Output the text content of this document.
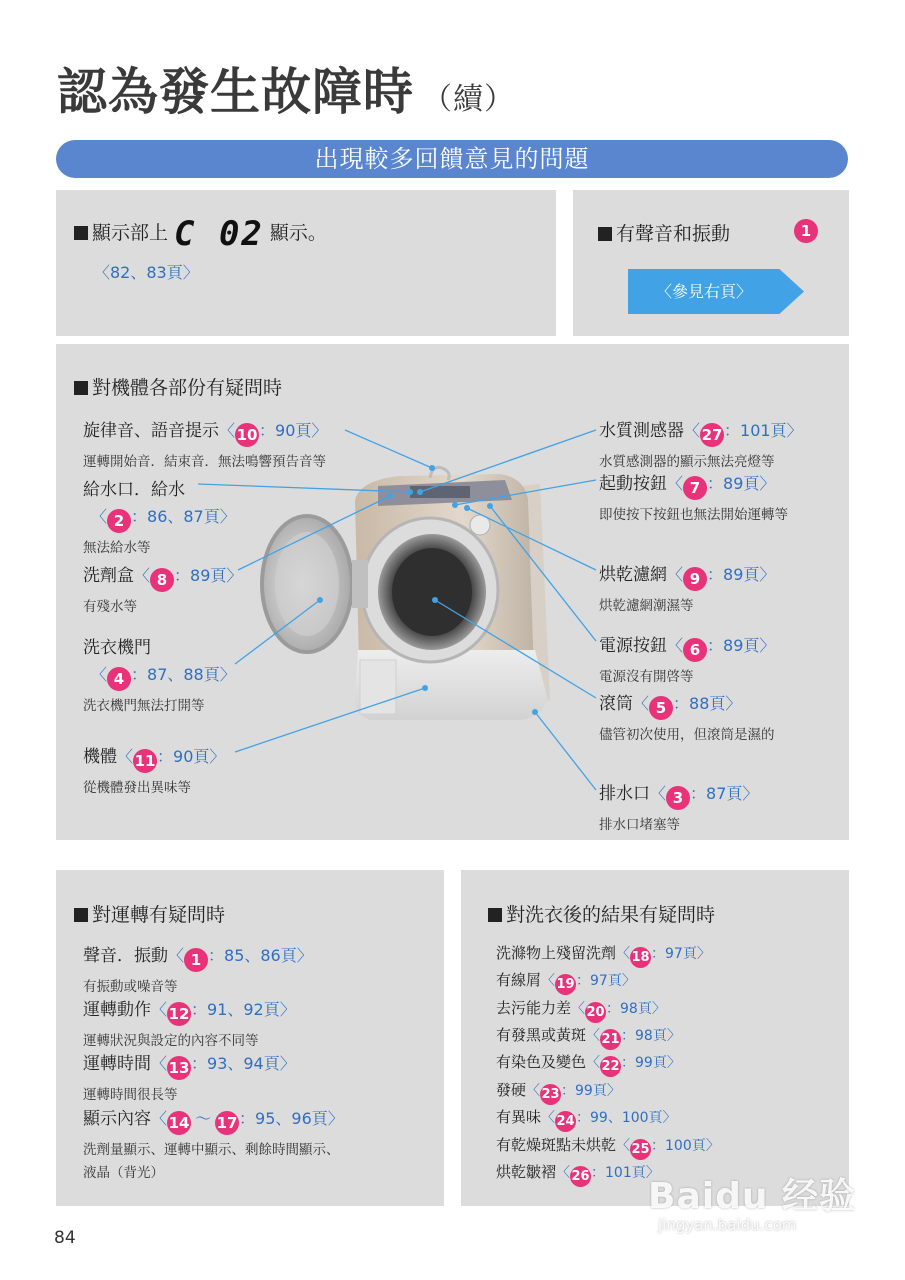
認為發生故障時 （續）
出現較多回饋意見的問題
顯示部上 C 02 顯示。
〈82、83頁〉
有聲音和振動	1
〈參見右頁〉
對機體各部份有疑問時
旋律音、語音提示〈 10：90頁〉
運轉開始音．結束音．無法鳴響預告音等
給水口．給水
〈 2 ：86、87頁〉
無法給水等
洗劑盒〈 8 ：89頁〉
有殘水等
洗衣機門
〈 4 ：87、88頁〉
洗衣機門無法打開等
機體〈 11：90頁〉
從機體發出異味等
水質測感器〈 27：101頁〉
水質感測器的顯示無法亮燈等
起動按鈕〈 7 ：89頁〉
即使按下按鈕也無法開始運轉等
烘乾濾網〈 9 ：89頁〉
烘乾濾網潮濕等
電源按鈕〈 6 ：89頁〉
電源沒有開啓等
滾筒〈 5 ：88頁〉
儘管初次使用，但滾筒是濕的
排水口〈 3 ：87頁〉
排水口堵塞等
對運轉有疑問時
聲音．振動〈 1 ：85、86頁〉
有振動或噪音等
運轉動作〈 12：91、92頁〉
運轉狀況與設定的內容不同等
運轉時間〈 13：93、94頁〉
運轉時間很長等
顯示內容〈 14 ～ 17：95、96頁〉
洗劑量顯示、運轉中顯示、剩餘時間顯示、
液晶（背光）
對洗衣後的結果有疑問時
洗滌物上殘留洗劑〈18：97頁〉
有線屑〈19：97頁〉
去污能力差〈20：98頁〉
有發黑或黃斑〈21：98頁〉
有染色及變色〈22：99頁〉
發硬〈23：99頁〉
有異味〈24：99、100頁〉
有乾燥斑點未烘乾〈25：100頁〉
烘乾皺褶〈26：101頁〉
Baidu 经验
jingyan.baidu.com
84
